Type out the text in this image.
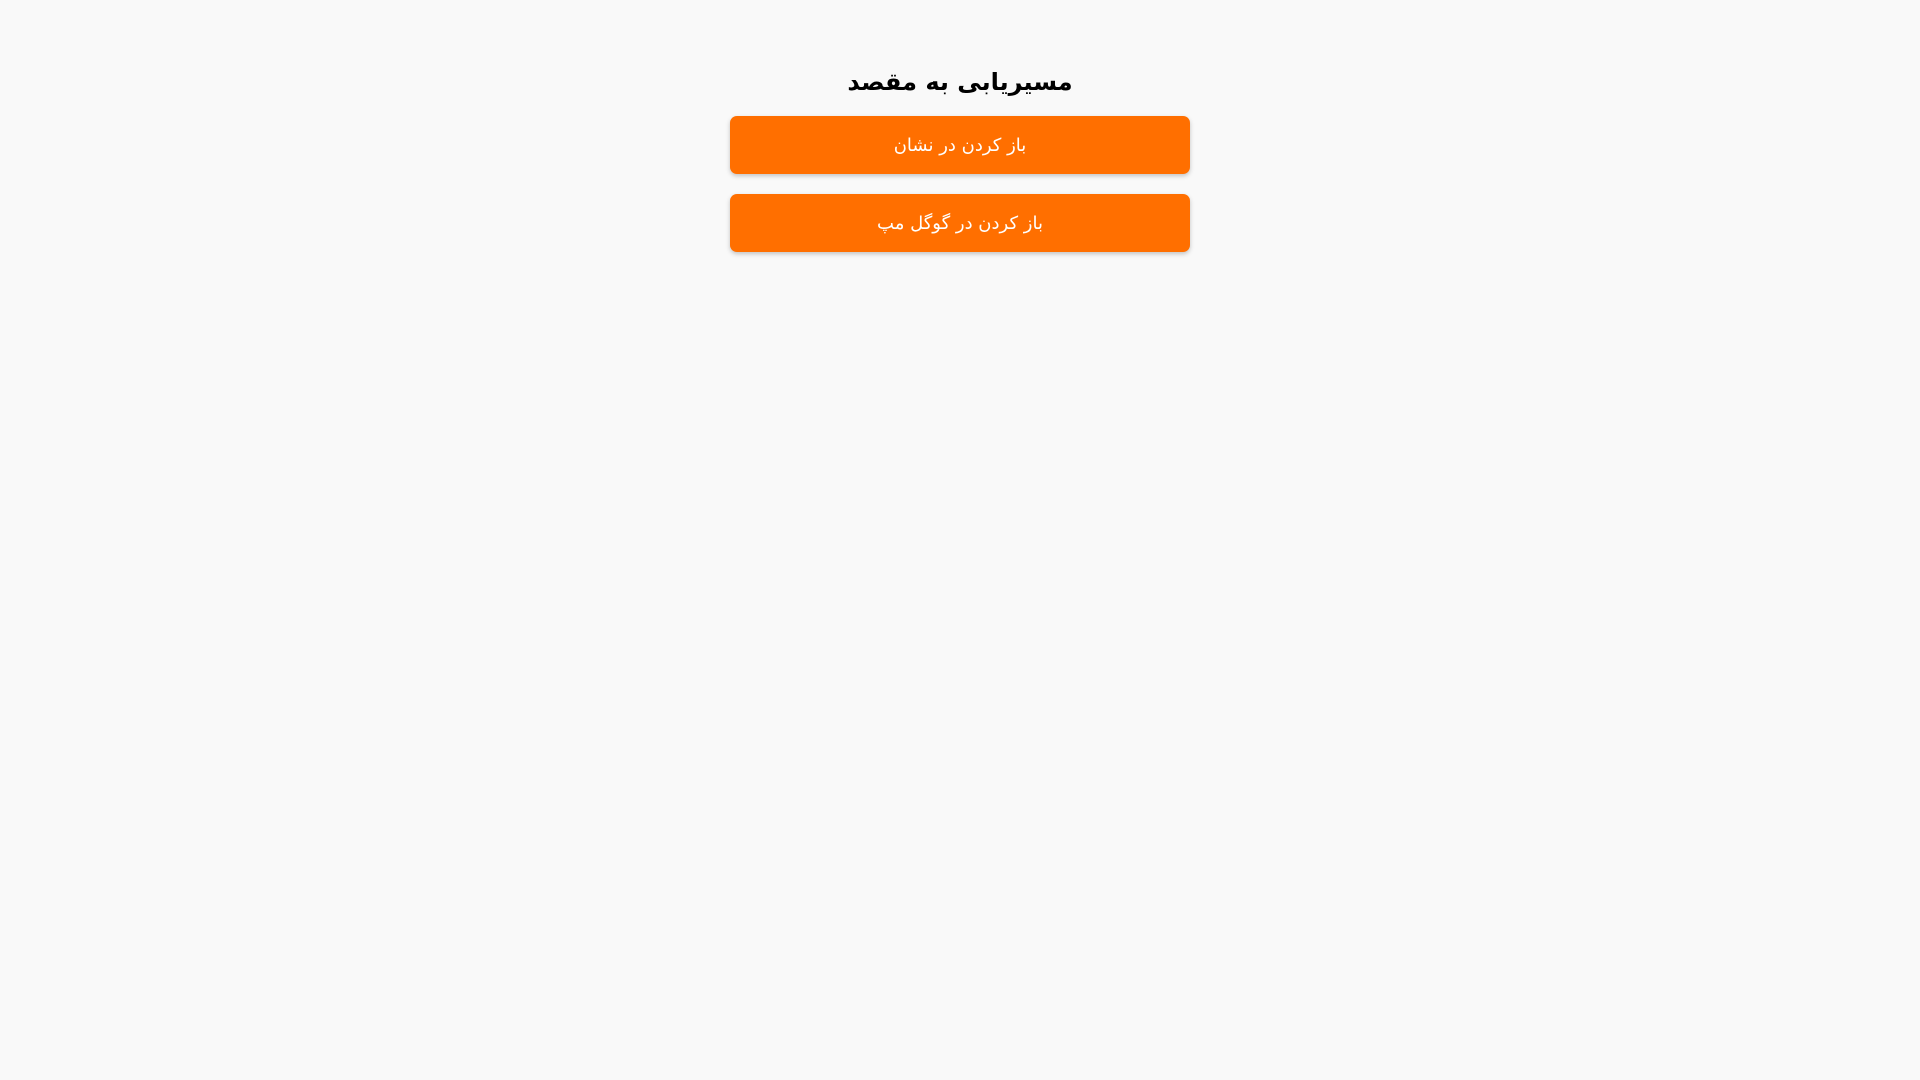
مسیریابی به مقصد
باز کردن در نشان
باز کردن در گوگل مپ
